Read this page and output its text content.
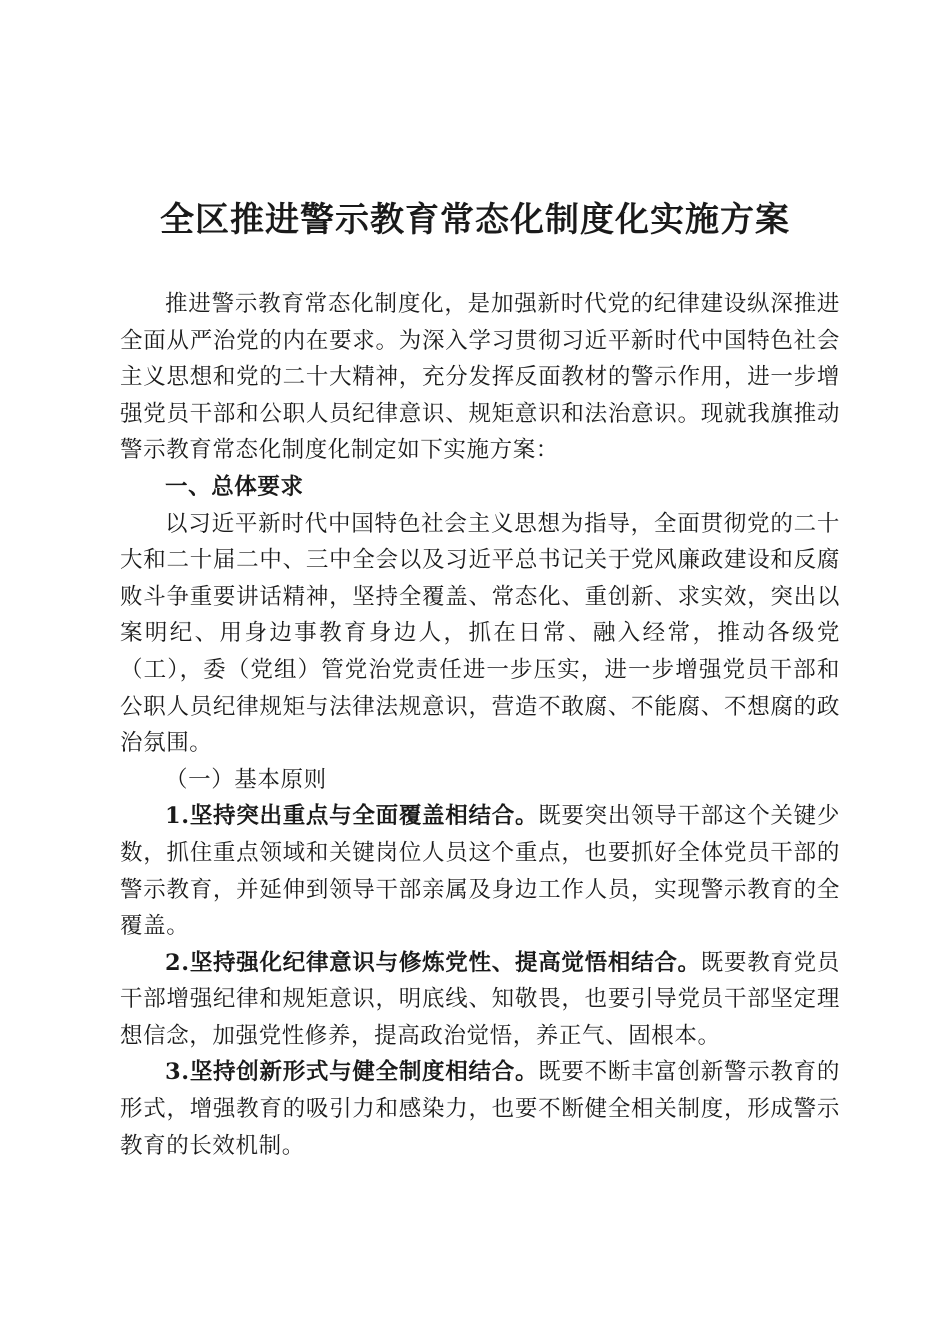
全区推进警示教育常态化制度化实施方案

推进警示教育常态化制度化，是加强新时代党的纪律建设纵深推进全面从严治党的内在要求。为深入学习贯彻习近平新时代中国特色社会主义思想和党的二十大精神，充分发挥反面教材的警示作用，进一步增强党员干部和公职人员纪律意识、规矩意识和法治意识。现就我旗推动警示教育常态化制度化制定如下实施方案：

一、总体要求

以习近平新时代中国特色社会主义思想为指导，全面贯彻党的二十大和二十届二中、三中全会以及习近平总书记关于党风廉政建设和反腐败斗争重要讲话精神，坚持全覆盖、常态化、重创新、求实效，突出以案明纪、用身边事教育身边人，抓在日常、融入经常，推动各级党（工），委（党组）管党治党责任进一步压实，进一步增强党员干部和公职人员纪律规矩与法律法规意识，营造不敢腐、不能腐、不想腐的政治氛围。

（一）基本原则

1.坚持突出重点与全面覆盖相结合。既要突出领导干部这个关键少数，抓住重点领域和关键岗位人员这个重点，也要抓好全体党员干部的警示教育，并延伸到领导干部亲属及身边工作人员，实现警示教育的全覆盖。

2.坚持强化纪律意识与修炼党性、提高觉悟相结合。既要教育党员干部增强纪律和规矩意识，明底线、知敬畏，也要引导党员干部坚定理想信念，加强党性修养，提高政治觉悟，养正气、固根本。

3.坚持创新形式与健全制度相结合。既要不断丰富创新警示教育的形式，增强教育的吸引力和感染力，也要不断健全相关制度，形成警示教育的长效机制。
